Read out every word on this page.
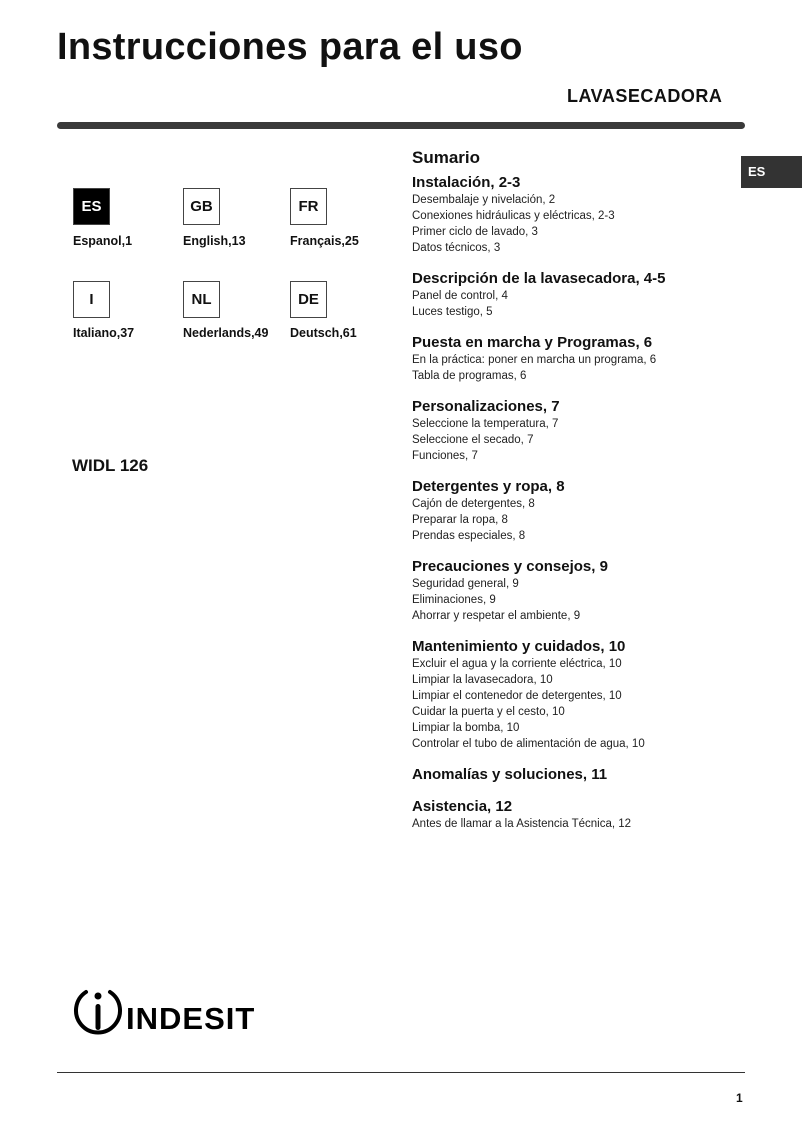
Instrucciones para el uso
LAVASECADORA
ES
ES
Espanol,1
GB
English,13
FR
Français,25
I
Italiano,37
NL
Nederlands,49
DE
Deutsch,61
WIDL 126
Sumario
Instalación, 2-3
Desembalaje y nivelación, 2
Conexiones hidráulicas y eléctricas, 2-3
Primer ciclo de lavado, 3
Datos técnicos, 3
Descripción de la lavasecadora, 4-5
Panel de control, 4
Luces testigo, 5
Puesta en marcha y Programas, 6
En la práctica: poner en marcha un programa, 6
Tabla de programas, 6
Personalizaciones, 7
Seleccione la temperatura, 7
Seleccione el secado, 7
Funciones, 7
Detergentes y ropa, 8
Cajón de detergentes, 8
Preparar la ropa, 8
Prendas especiales, 8
Precauciones y consejos, 9
Seguridad general, 9
Eliminaciones, 9
Ahorrar y respetar el ambiente, 9
Mantenimiento y cuidados, 10
Excluir el agua y la corriente eléctrica, 10
Limpiar la lavasecadora, 10
Limpiar el contenedor de detergentes, 10
Cuidar la puerta y el cesto, 10
Limpiar la bomba, 10
Controlar el tubo de alimentación de agua, 10
Anomalías y soluciones, 11
Asistencia, 12
Antes de llamar a la Asistencia Técnica, 12
INDESIT
1
